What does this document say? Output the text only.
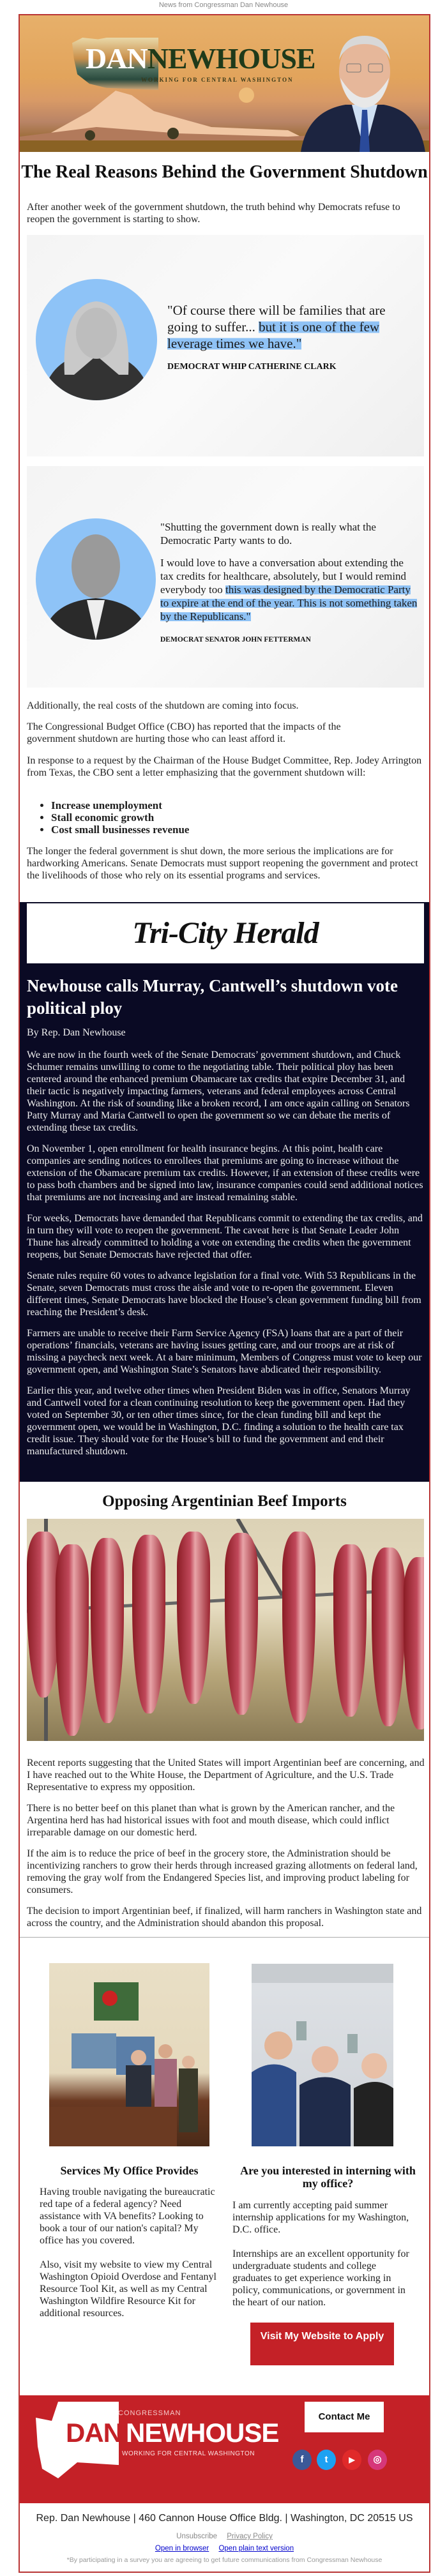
News from Congressman Dan Newhouse
DAN NEWHOUSE
WORKING FOR CENTRAL WASHINGTON
The Real Reasons Behind the Government Shutdown

After another week of the government shutdown, the truth behind why Democrats refuse to reopen the government is starting to show.

"Of course there will be families that are going to suffer... but it is one of the few leverage times we have."
DEMOCRAT WHIP CATHERINE CLARK
"Shutting the government down is really what the Democratic Party wants to do.
I would love to have a conversation about extending the tax credits for healthcare, absolutely, but I would remind everybody too this was designed by the Democratic Party to expire at the end of the year. This is not something taken by the Republicans."
DEMOCRAT SENATOR JOHN FETTERMAN

Additionally, the real costs of the shutdown are coming into focus.

The Congressional Budget Office (CBO) has reported that the impacts of the government shutdown are hurting those who can least afford it.

In response to a request by the Chairman of the House Budget Committee, Rep. Jodey Arrington from Texas, the CBO sent a letter emphasizing that the government shutdown will:

• Increase unemployment
• Stall economic growth
• Cost small businesses revenue

The longer the federal government is shut down, the more serious the implications are for hardworking Americans. Senate Democrats must support reopening the government and protect the livelihoods of those who rely on its essential programs and services.

Tri-City Herald
Newhouse calls Murray, Cantwell’s shutdown vote political ploy
By Rep. Dan Newhouse

We are now in the fourth week of the Senate Democrats’ government shutdown, and Chuck Schumer remains unwilling to come to the negotiating table. Their political ploy has been centered around the enhanced premium Obamacare tax credits that expire December 31, and their tactic is negatively impacting farmers, veterans and federal employees across Central Washington. At the risk of sounding like a broken record, I am once again calling on Senators Patty Murray and Maria Cantwell to open the government so we can debate the merits of extending these tax credits.

On November 1, open enrollment for health insurance begins. At this point, health care companies are sending notices to enrollees that premiums are going to increase without the extension of the Obamacare premium tax credits. However, if an extension of these credits were to pass both chambers and be signed into law, insurance companies could send additional notices that premiums are not increasing and are instead remaining stable.

For weeks, Democrats have demanded that Republicans commit to extending the tax credits, and in turn they will vote to reopen the government. The caveat here is that Senate Leader John Thune has already committed to holding a vote on extending the credits when the government reopens, but Senate Democrats have rejected that offer.

Senate rules require 60 votes to advance legislation for a final vote. With 53 Republicans in the Senate, seven Democrats must cross the aisle and vote to re-open the government. Eleven different times, Senate Democrats have blocked the House’s clean government funding bill from reaching the President’s desk.

Farmers are unable to receive their Farm Service Agency (FSA) loans that are a part of their operations’ financials, veterans are having issues getting care, and our troops are at risk of missing a paycheck next week. At a bare minimum, Members of Congress must vote to keep our government open, and Washington State’s Senators have abdicated their responsibility.

Earlier this year, and twelve other times when President Biden was in office, Senators Murray and Cantwell voted for a clean continuing resolution to keep the government open. Had they voted on September 30, or ten other times since, for the clean funding bill and kept the government open, we would be in Washington, D.C. finding a solution to the health care tax credit issue. They should vote for the House’s bill to fund the government and end their manufactured shutdown.

Opposing Argentinian Beef Imports

Recent reports suggesting that the United States will import Argentinian beef are concerning, and I have reached out to the White House, the Department of Agriculture, and the U.S. Trade Representative to express my opposition.

There is no better beef on this planet than what is grown by the American rancher, and the Argentina herd has had historical issues with foot and mouth disease, which could inflict irreparable damage on our domestic herd.

If the aim is to reduce the price of beef in the grocery store, the Administration should be incentivizing ranchers to grow their herds through increased grazing allotments on federal land, removing the gray wolf from the Endangered Species list, and improving product labeling for consumers.

The decision to import Argentinian beef, if finalized, will harm ranchers in Washington state and across the country, and the Administration should abandon this proposal.

Services My Office Provides

Having trouble navigating the bureaucratic red tape of a federal agency? Need assistance with VA benefits? Looking to book a tour of our nation's capital? My office has you covered.

Also, visit my website to view my Central Washington Opioid Overdose and Fentanyl Resource Tool Kit, as well as my Central Washington Wildfire Resource Kit for additional resources.

Are you interested in interning with my office?

I am currently accepting paid summer internship applications for my Washington, D.C. office.

Internships are an excellent opportunity for undergraduate students and college graduates to get experience working in policy, communications, or government in the heart of our nation.

Visit My Website to Apply
CONGRESSMAN
DAN NEWHOUSE
WORKING FOR CENTRAL WASHINGTON
Contact Me
f	t	▶	◎
Rep. Dan Newhouse | 460 Cannon House Office Bldg. | Washington, DC 20515 US
Unsubscribe Privacy Policy
Open in browser Open plain text version
*By participating in a survey you are agreeing to get future communications from Congressman Newhouse
